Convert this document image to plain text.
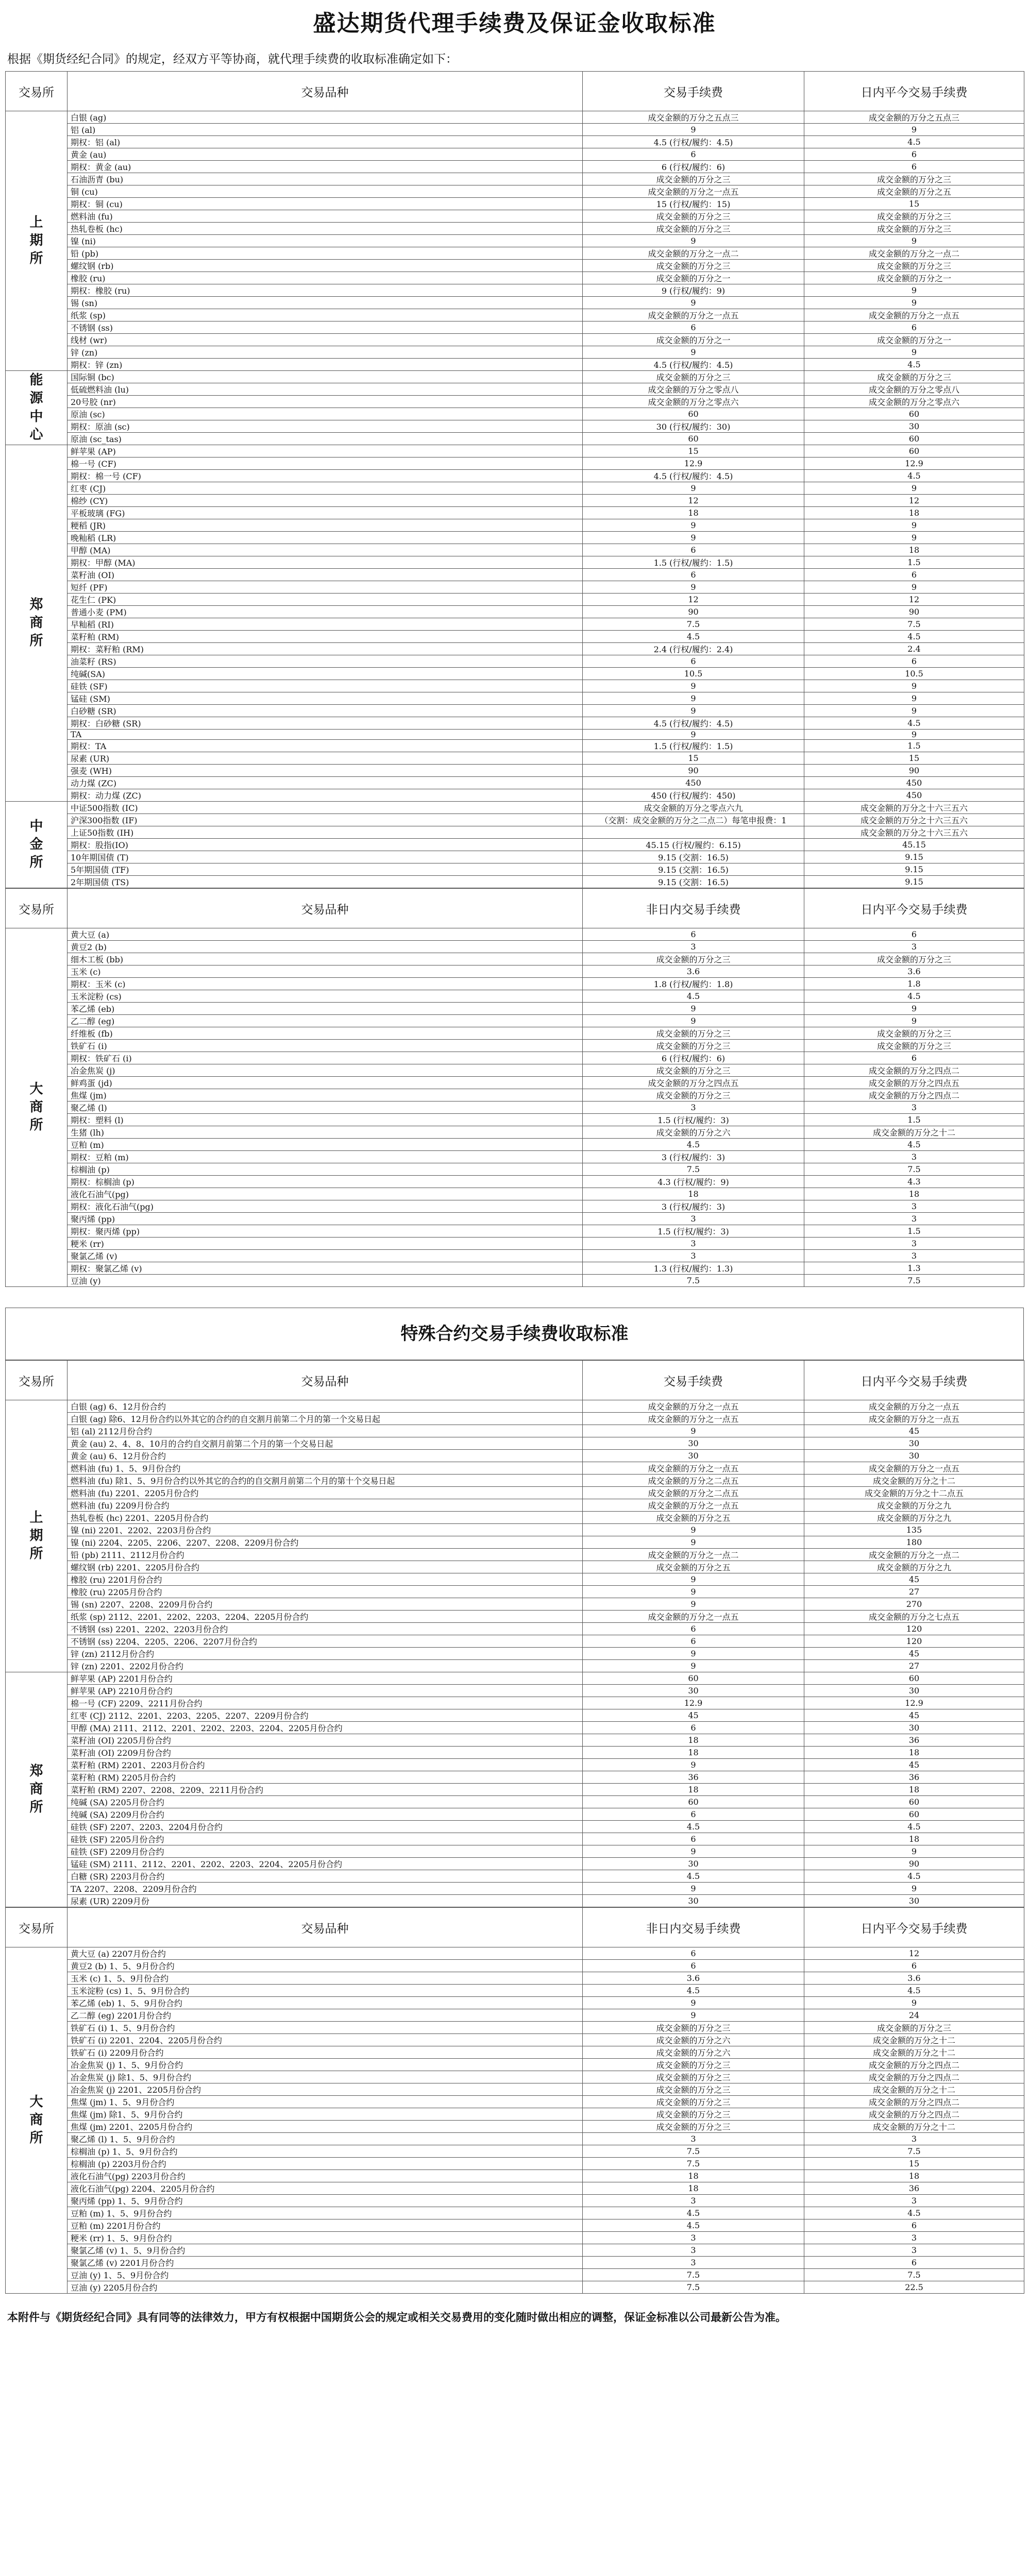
盛达期货代理手续费及保证金收取标准
根据《期货经纪合同》的规定，经双方平等协商，就代理手续费的收取标准确定如下：
交易所	交易品种	交易手续费	日内平今交易手续费
上
期
所	白银 (ag)	成交金额的万分之五点三	成交金额的万分之五点三
	铝 (al)	9	9
	期权：铝 (al)	4.5 (行权/履约：4.5)	4.5
	黄金 (au)	6	6
	期权：黄金 (au)	6 (行权/履约：6)	6
	石油沥青 (bu)	成交金额的万分之三	成交金额的万分之三
	铜 (cu)	成交金额的万分之一点五	成交金额的万分之五
	期权：铜 (cu)	15 (行权/履约：15)	15
	燃料油 (fu)	成交金额的万分之三	成交金额的万分之三
	热轧卷板 (hc)	成交金额的万分之三	成交金额的万分之三
	镍 (ni)	9	9
	铅 (pb)	成交金额的万分之一点二	成交金额的万分之一点二
	螺纹钢 (rb)	成交金额的万分之三	成交金额的万分之三
	橡胶 (ru)	成交金额的万分之一	成交金额的万分之一
	期权：橡胶 (ru)	9 (行权/履约：9)	9
	锡 (sn)	9	9
	纸浆 (sp)	成交金额的万分之一点五	成交金额的万分之一点五
	不锈钢 (ss)	6	6
	线材 (wr)	成交金额的万分之一	成交金额的万分之一
	锌 (zn)	9	9
	期权：锌 (zn)	4.5 (行权/履约：4.5)	4.5
能
源
中
心	国际铜 (bc)	成交金额的万分之三	成交金额的万分之三
	低硫燃料油 (lu)	成交金额的万分之零点八	成交金额的万分之零点八
	20号胶 (nr)	成交金额的万分之零点六	成交金额的万分之零点六
	原油 (sc)	60	60
	期权：原油 (sc)	30 (行权/履约：30)	30
	原油 (sc_tas)	60	60
郑
商
所	鲜苹果 (AP)	15	60
	棉一号 (CF)	12.9	12.9
	期权：棉一号 (CF)	4.5 (行权/履约：4.5)	4.5
	红枣 (CJ)	9	9
	棉纱 (CY)	12	12
	平板玻璃 (FG)	18	18
	粳稻 (JR)	9	9
	晚籼稻 (LR)	9	9
	甲醇 (MA)	6	18
	期权：甲醇 (MA)	1.5 (行权/履约：1.5)	1.5
	菜籽油 (OI)	6	6
	短纤 (PF)	9	9
	花生仁 (PK)	12	12
	普通小麦 (PM)	90	90
	早籼稻 (RI)	7.5	7.5
	菜籽粕 (RM)	4.5	4.5
	期权：菜籽粕 (RM)	2.4 (行权/履约：2.4)	2.4
	油菜籽 (RS)	6	6
	纯碱(SA)	10.5	10.5
	硅铁 (SF)	9	9
	锰硅 (SM)	9	9
	白砂糖 (SR)	9	9
	期权：白砂糖 (SR)	4.5 (行权/履约：4.5)	4.5
	TA	9	9
	期权：TA	1.5 (行权/履约：1.5)	1.5
	尿素 (UR)	15	15
	强麦 (WH)	90	90
	动力煤 (ZC)	450	450
	期权：动力煤 (ZC)	450 (行权/履约：450)	450
中
金
所	中证500指数 (IC)	成交金额的万分之零点六九	成交金额的万分之十六三五六
	沪深300指数 (IF)	（交割：成交金额的万分之二点二）每笔申报费：1	成交金额的万分之十六三五六
	上证50指数 (IH)		成交金额的万分之十六三五六
	期权：股指(IO)	45.15 (行权/履约：6.15)	45.15
	10年期国债 (T)	9.15 (交割：16.5)	9.15
	5年期国债 (TF)	9.15 (交割：16.5)	9.15
	2年期国债 (TS)	9.15 (交割：16.5)	9.15
交易所	交易品种	非日内交易手续费	日内平今交易手续费
大
商
所	黄大豆 (a)	6	6
	黄豆2 (b)	3	3
	细木工板 (bb)	成交金额的万分之三	成交金额的万分之三
	玉米 (c)	3.6	3.6
	期权：玉米 (c)	1.8 (行权/履约：1.8)	1.8
	玉米淀粉 (cs)	4.5	4.5
	苯乙烯 (eb)	9	9
	乙二醇 (eg)	9	9
	纤维板 (fb)	成交金额的万分之三	成交金额的万分之三
	铁矿石 (i)	成交金额的万分之三	成交金额的万分之三
	期权：铁矿石 (i)	6 (行权/履约：6)	6
	冶金焦炭 (j)	成交金额的万分之三	成交金额的万分之四点二
	鲜鸡蛋 (jd)	成交金额的万分之四点五	成交金额的万分之四点五
	焦煤 (jm)	成交金额的万分之三	成交金额的万分之四点二
	聚乙烯 (l)	3	3
	期权：塑料 (l)	1.5 (行权/履约：3)	1.5
	生猪 (lh)	成交金额的万分之六	成交金额的万分之十二
	豆粕 (m)	4.5	4.5
	期权：豆粕 (m)	3 (行权/履约：3)	3
	棕榈油 (p)	7.5	7.5
	期权：棕榈油 (p)	4.3 (行权/履约：9)	4.3
	液化石油气(pg)	18	18
	期权：液化石油气(pg)	3 (行权/履约：3)	3
	聚丙烯 (pp)	3	3
	期权：聚丙烯 (pp)	1.5 (行权/履约：3)	1.5
	粳米 (rr)	3	3
	聚氯乙烯 (v)	3	3
	期权：聚氯乙烯 (v)	1.3 (行权/履约：1.3)	1.3
	豆油 (y)	7.5	7.5
特殊合约交易手续费收取标准
交易所	交易品种	交易手续费	日内平今交易手续费
上
期
所	白银 (ag) 6、12月份合约	成交金额的万分之一点五	成交金额的万分之一点五
	白银 (ag) 除6、12月份合约以外其它的合约的自交割月前第二个月的第一个交易日起	成交金额的万分之一点五	成交金额的万分之一点五
	铝 (al) 2112月份合约	9	45
	黄金 (au) 2、4、8、10月的合约自交割月前第二个月的第一个交易日起	30	30
	黄金 (au) 6、12月份合约	30	30
	燃料油 (fu) 1、5、9月份合约	成交金额的万分之一点五	成交金额的万分之一点五
	燃料油 (fu) 除1、5、9月份合约以外其它的合约的自交割月前第二个月的第十个交易日起	成交金额的万分之二点五	成交金额的万分之十二
	燃料油 (fu) 2201、2205月份合约	成交金额的万分之二点五	成交金额的万分之十二点五
	燃料油 (fu) 2209月份合约	成交金额的万分之一点五	成交金额的万分之九
	热轧卷板 (hc) 2201、2205月份合约	成交金额的万分之五	成交金额的万分之九
	镍 (ni) 2201、2202、2203月份合约	9	135
	镍 (ni) 2204、2205、2206、2207、2208、2209月份合约	9	180
	铅 (pb) 2111、2112月份合约	成交金额的万分之一点二	成交金额的万分之一点二
	螺纹钢 (rb) 2201、2205月份合约	成交金额的万分之五	成交金额的万分之九
	橡胶 (ru) 2201月份合约	9	45
	橡胶 (ru) 2205月份合约	9	27
	锡 (sn) 2207、2208、2209月份合约	9	270
	纸浆 (sp) 2112、2201、2202、2203、2204、2205月份合约	成交金额的万分之一点五	成交金额的万分之七点五
	不锈钢 (ss) 2201、2202、2203月份合约	6	120
	不锈钢 (ss) 2204、2205、2206、2207月份合约	6	120
	锌 (zn) 2112月份合约	9	45
	锌 (zn) 2201、2202月份合约	9	27
郑
商
所	鲜苹果 (AP) 2201月份合约	60	60
	鲜苹果 (AP) 2210月份合约	30	30
	棉一号 (CF) 2209、2211月份合约	12.9	12.9
	红枣 (CJ) 2112、2201、2203、2205、2207、2209月份合约	45	45
	甲醇 (MA) 2111、2112、2201、2202、2203、2204、2205月份合约	6	30
	菜籽油 (OI) 2205月份合约	18	36
	菜籽油 (OI) 2209月份合约	18	18
	菜籽粕 (RM) 2201、2203月份合约	9	45
	菜籽粕 (RM) 2205月份合约	36	36
	菜籽粕 (RM) 2207、2208、2209、2211月份合约	18	18
	纯碱 (SA) 2205月份合约	60	60
	纯碱 (SA) 2209月份合约	6	60
	硅铁 (SF) 2207、2203、2204月份合约	4.5	4.5
	硅铁 (SF) 2205月份合约	6	18
	硅铁 (SF) 2209月份合约	9	9
	锰硅 (SM) 2111、2112、2201、2202、2203、2204、2205月份合约	30	90
	白糖 (SR) 2203月份合约	4.5	4.5
	TA 2207、2208、2209月份合约	9	9
	尿素 (UR) 2209月份	30	30
交易所	交易品种	非日内交易手续费	日内平今交易手续费
大
商
所	黄大豆 (a) 2207月份合约	6	12
	黄豆2 (b) 1、5、9月份合约	6	6
	玉米 (c) 1、5、9月份合约	3.6	3.6
	玉米淀粉 (cs) 1、5、9月份合约	4.5	4.5
	苯乙烯 (eb) 1、5、9月份合约	9	9
	乙二醇 (eg) 2201月份合约	9	24
	铁矿石 (i) 1、5、9月份合约	成交金额的万分之三	成交金额的万分之三
	铁矿石 (i) 2201、2204、2205月份合约	成交金额的万分之六	成交金额的万分之十二
	铁矿石 (i) 2209月份合约	成交金额的万分之六	成交金额的万分之十二
	冶金焦炭 (j) 1、5、9月份合约	成交金额的万分之三	成交金额的万分之四点二
	冶金焦炭 (j) 除1、5、9月份合约	成交金额的万分之三	成交金额的万分之四点二
	冶金焦炭 (j) 2201、2205月份合约	成交金额的万分之三	成交金额的万分之十二
	焦煤 (jm) 1、5、9月份合约	成交金额的万分之三	成交金额的万分之四点二
	焦煤 (jm) 除1、5、9月份合约	成交金额的万分之三	成交金额的万分之四点二
	焦煤 (jm) 2201、2205月份合约	成交金额的万分之三	成交金额的万分之十二
	聚乙烯 (l) 1、5、9月份合约	3	3
	棕榈油 (p) 1、5、9月份合约	7.5	7.5
	棕榈油 (p) 2203月份合约	7.5	15
	液化石油气(pg) 2203月份合约	18	18
	液化石油气(pg) 2204、2205月份合约	18	36
	聚丙烯 (pp) 1、5、9月份合约	3	3
	豆粕 (m) 1、5、9月份合约	4.5	4.5
	豆粕 (m) 2201月份合约	4.5	6
	粳米 (rr) 1、5、9月份合约	3	3
	聚氯乙烯 (v) 1、5、9月份合约	3	3
	聚氯乙烯 (v) 2201月份合约	3	6
	豆油 (y) 1、5、9月份合约	7.5	7.5
	豆油 (y) 2205月份合约	7.5	22.5
本附件与《期货经纪合同》具有同等的法律效力，甲方有权根据中国期货公会的规定或相关交易费用的变化随时做出相应的调整，保证金标准以公司最新公告为准。
